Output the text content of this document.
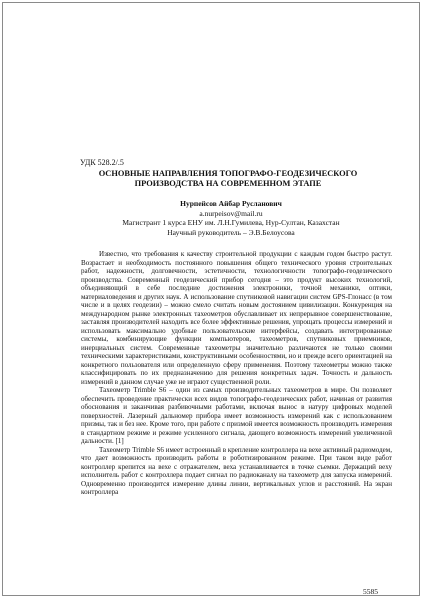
УДК 528.2/.5
ОСНОВНЫЕ НАПРАВЛЕНИЯ ТОПОГРАФО-ГЕОДЕЗИЧЕСКОГО ПРОИЗВОДСТВА НА СОВРЕМЕННОМ ЭТАПЕ
Нурпейсов Айбар Русланович
a.nurpeisov@mail.ru
Магистрант 1 курса ЕНУ им. Л.Н.Гумилева, Нур-Султан, Казахстан
Научный руководитель – Э.В.Белоусова

Известно, что требования к качеству строительной продукции с каждым годом быстро растут. Возрастает и необходимость постоянного повышения общего технического уровня строительных работ, надежности, долговечности, эстетичности, технологичности топографо-геодезического производства. Современный геодезический прибор сегодня – это продукт высоких технологий, объединяющий в себе последние достижения электроники, точной механики, оптики, материаловедения и других наук. А использование спутниковой навигации систем GPS-Глонасс (в том числе и в целях геодезии) – можно смело считать новым достоянием цивилизации. Конкуренция на международном рынке электронных тахеометров обуславливает их непрерывное совершенствование, заставляя производителей находить все более эффективные решения, упрощать процессы измерений и использовать максимально удобные пользовательские интерфейсы, создавать интегрированные системы, комбинирующие функции компьютеров, тахеометров, спутниковых приемников, инерциальных систем. Современные тахеометры значительно различаются не только своими техническими характеристиками, конструктивными особенностями, но и прежде всего ориентацией на конкретного пользователя или определенную сферу применения. Поэтому тахеометры можно также классифицировать по их предназначению для решения конкретных задач. Точность и дальность измерений в данном случае уже не играют существенной роли.

Тахеометр Trimble S6 – один из самых производительных тахеометров в мире. Он позволяет обеспечить проведение практически всех видов топографо-геодезических работ, начиная от развития обоснования и заканчивая разбивочными работами, включая вынос в натуру цифровых моделей поверхностей. Лазерный дальномер прибора имеет возможность измерений как с использованием призмы, так и без нее. Кроме того, при работе с призмой имеется возможность производить измерения в стандартном режиме и режиме усиленного сигнала, дающего возможность измерений увеличенной дальности. [1]

Тахеометр Trimble S6 имеет встроенный в крепление контроллера на вехе активный радиомодем, что дает возможность производить работы в роботизированном режиме. При таком виде работ контроллер крепится на вехе с отражателем, веха устанавливается в точке съемки. Держащий веху исполнитель работ с контроллера подает сигнал по радиоканалу на тахеометр для запуска измерений. Одновременно производится измерение длины линии, вертикальных углов и расстояний. На экран контроллера

5585
